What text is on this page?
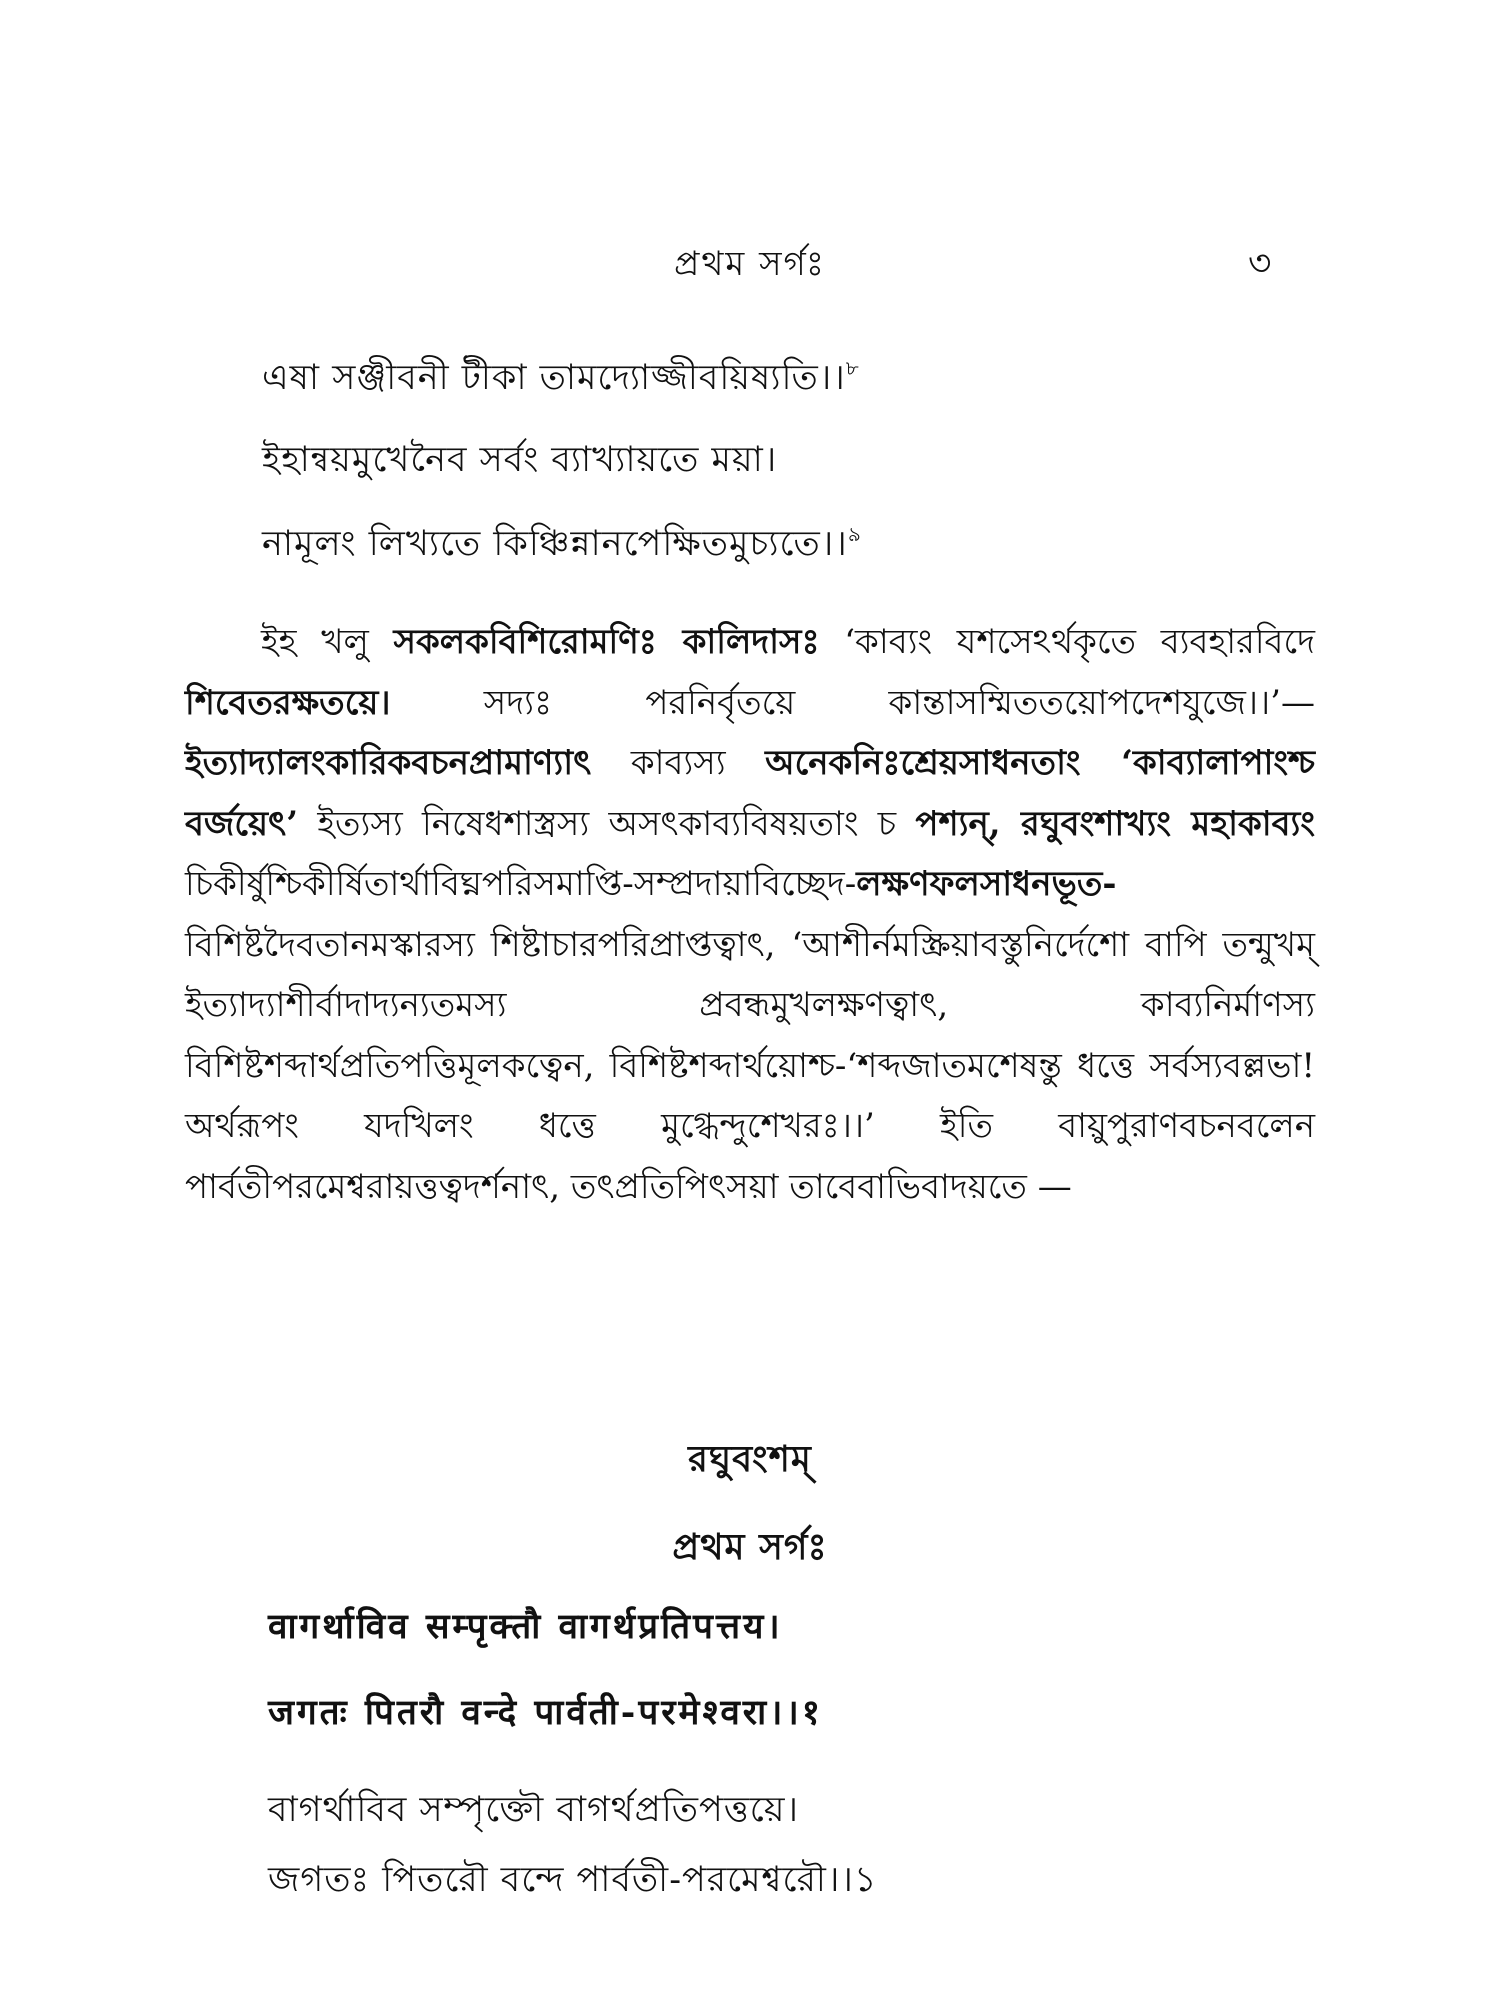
প্রথম সর্গঃ	৩
এষা সঞ্জীবনী টীকা তামদ্যোজ্জীবয়িষ্যতি।।$^৮$
ইহান্বয়মুখেনৈব সর্বং ব্যাখ্যায়তে ময়া।
নামূলং লিখ্যতে কিঞ্চিন্নানপেক্ষিতমুচ্যতে।।$^৯$
ইহ খলু সকলকবিশিরোমণিঃ কালিদাসঃ ‘কাব্যং যশসেঽর্থকৃতে ব্যবহারবিদে শিবেতরক্ষতয়ে। সদ্যঃ পরনির্বৃতয়ে কান্তাসম্মিততয়োপদেশযুজে।।’—ইত্যাদ্যালংকারিকবচনপ্রামাণ্যাৎ কাব্যস্য অনেকনিঃশ্রেয়সাধনতাং ‘কাব্যালাপাংশ্চ বর্জয়েৎ’ ইত্যস্য নিষেধশাস্ত্রস্য অসৎকাব্যবিষয়তাং চ পশ্যন্‌, রঘুবংশাখ্যং মহাকাব্যং চিকীর্ষুশ্চিকীর্ষিতার্থাবিঘ্নপরিসমাপ্তি-সম্প্রদায়াবিচ্ছেদ-লক্ষণফলসাধনভূত-বিশিষ্টদৈবতানমস্কারস্য শিষ্টাচারপরিপ্রাপ্তত্বাৎ, ‘আশীর্নমস্ক্রিয়াবস্তুনির্দেশো বাপি তন্মুখম্‌ ইত্যাদ্যাশীর্বাদাদ্যন্যতমস্য প্রবন্ধমুখলক্ষণত্বাৎ, কাব্যনির্মাণস্য বিশিষ্টশব্দার্থপ্রতিপত্তিমূলকত্বেন, বিশিষ্টশব্দার্থয়োশ্চ-‘শব্দজাতমশেষন্তু ধত্তে সর্বস্যবল্লভা! অর্থরূপং যদখিলং ধত্তে মুগ্ধেন্দুশেখরঃ।।’ ইতি বায়ুপুরাণবচনবলেন পার্বতীপরমেশ্বরায়ত্তত্বদর্শনাৎ, তৎপ্রতিপিৎসয়া তাবেবাভিবাদয়তে —
রঘুবংশম্‌
প্রথম সর্গঃ
वागर्थाविव सम्पृक्तौ वागर्थप्रतिपत्तय।
जगतः पितरौ वन्दे पार्वती-परमेश्वरा।।१
বাগর্থাবিব সম্পৃক্তৌ বাগর্থপ্রতিপত্তয়ে।
জগতঃ পিতরৌ বন্দে পার্বতী-পরমেশ্বরৌ।।১
